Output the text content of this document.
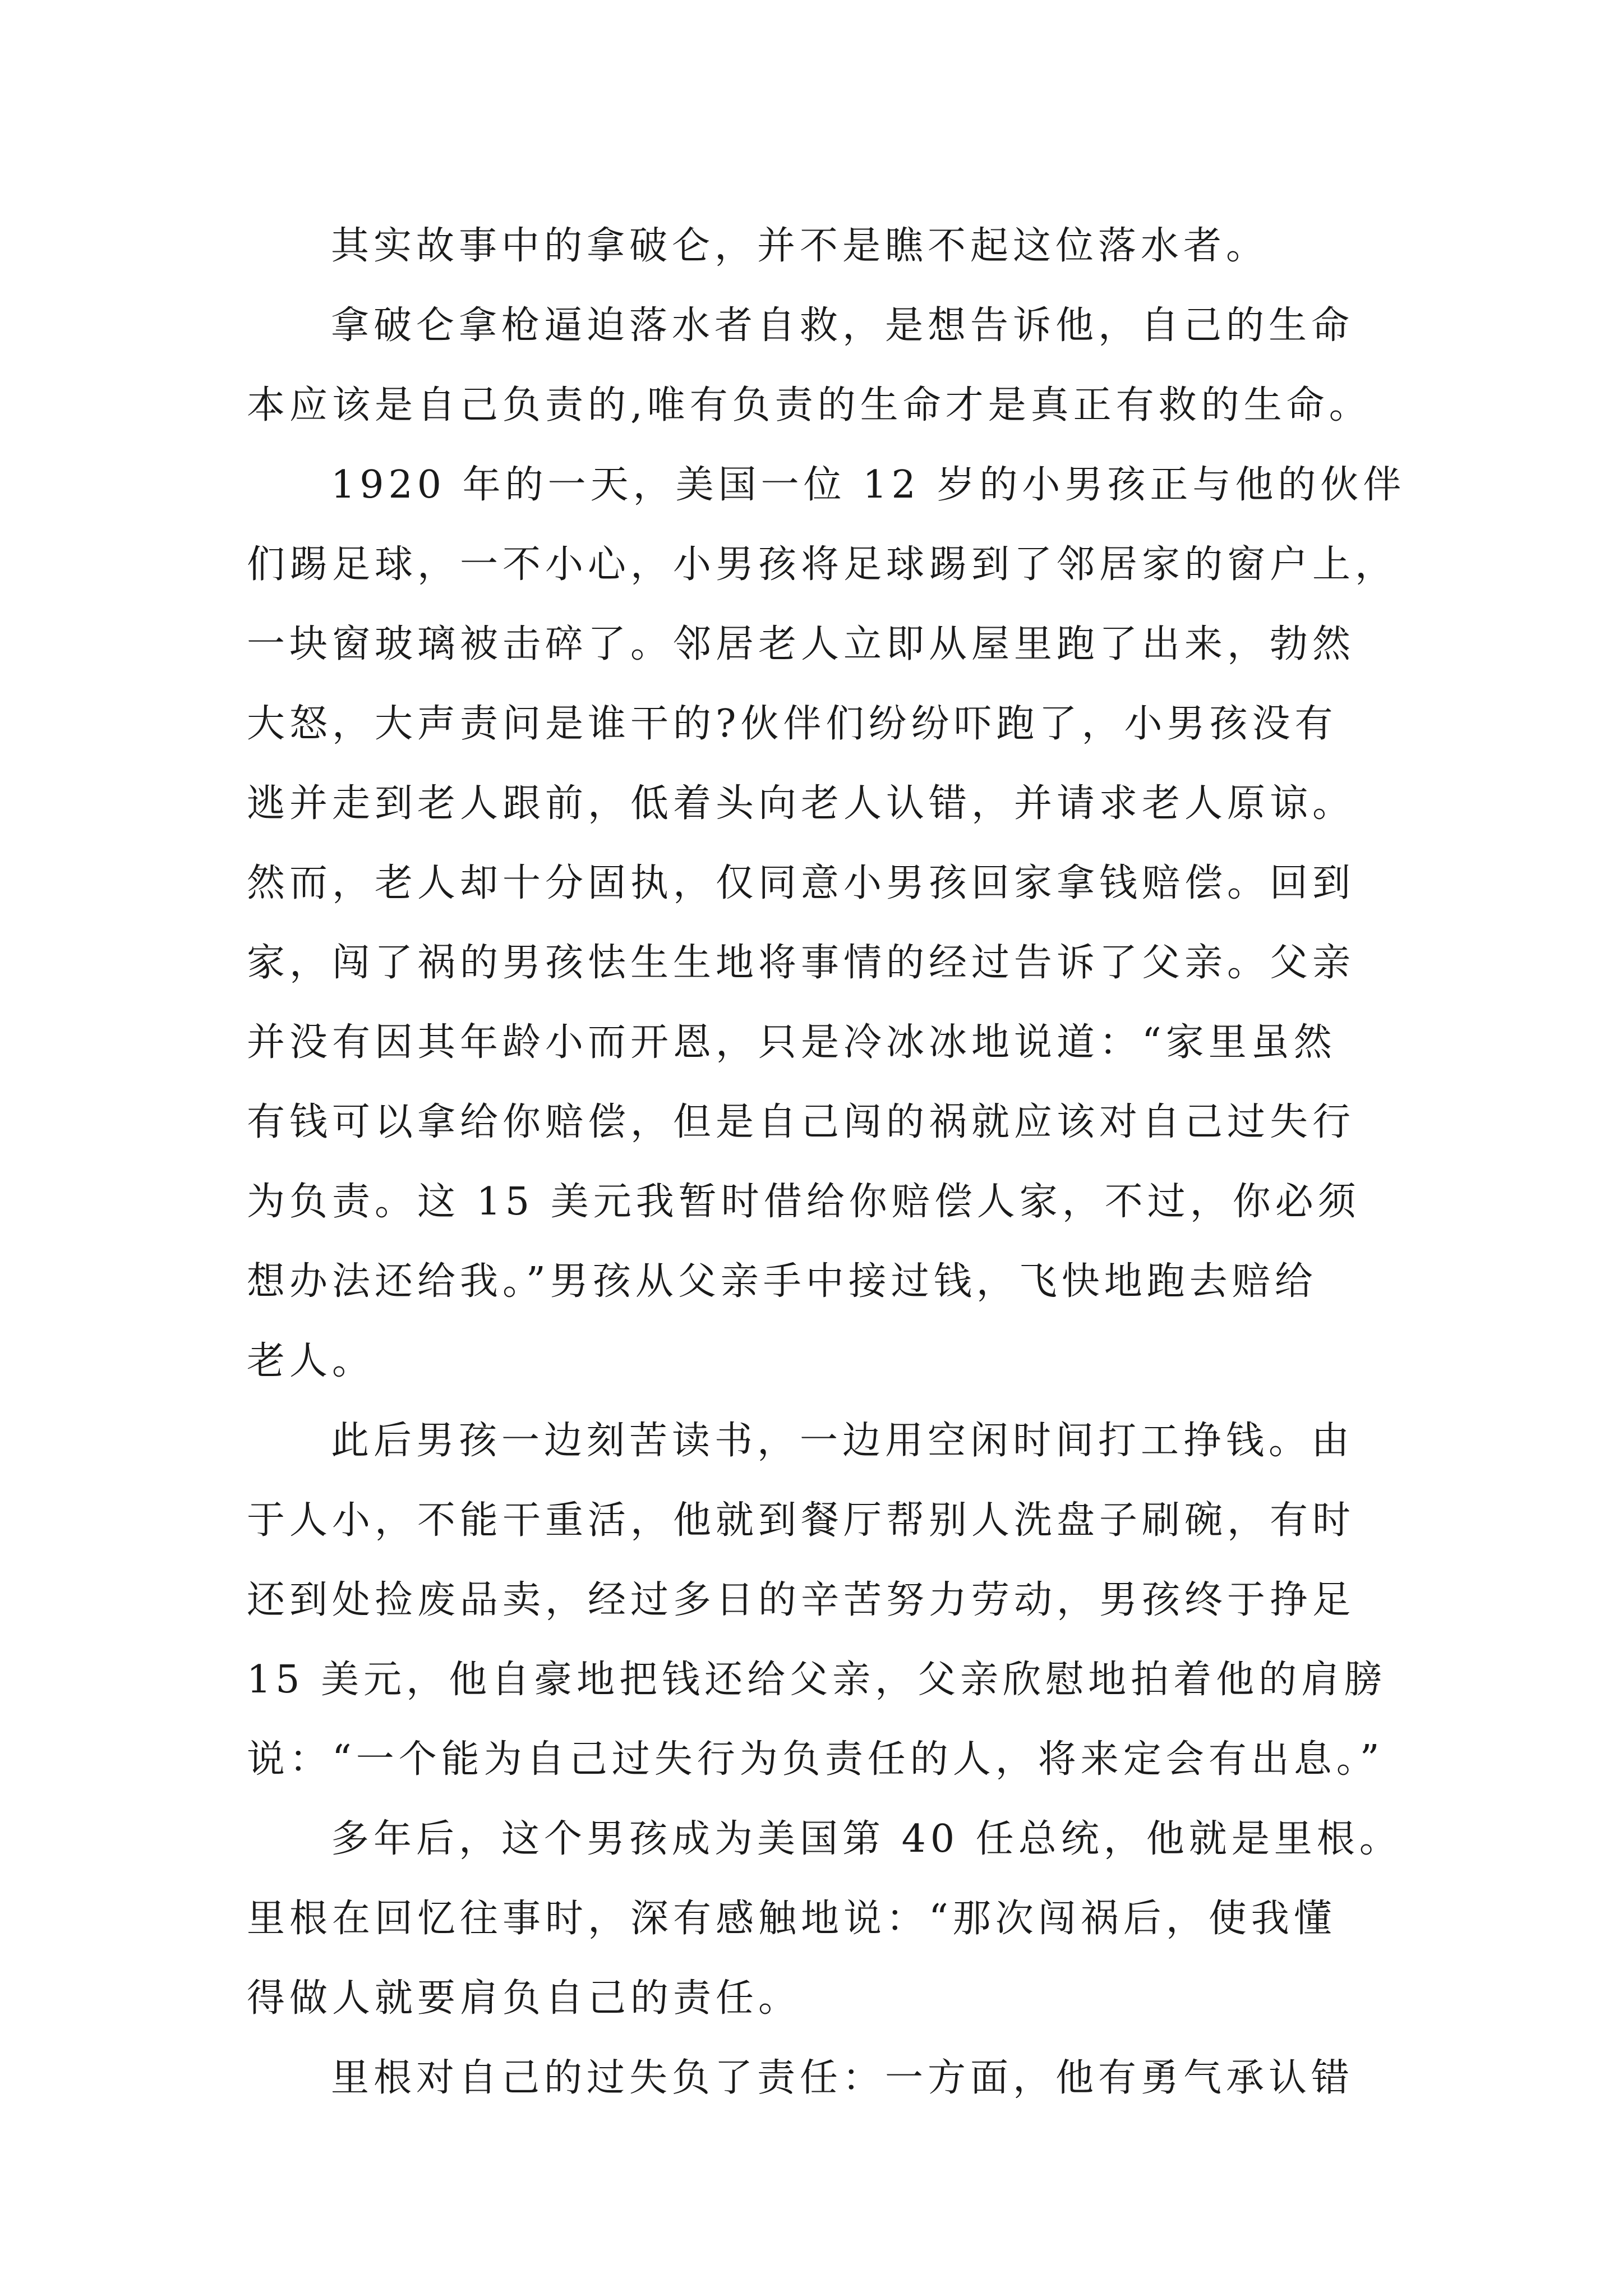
其实故事中的拿破仑，并不是瞧不起这位落水者。
拿破仑拿枪逼迫落水者自救，是想告诉他，自己的生命
本应该是自己负责的,唯有负责的生命才是真正有救的生命。
1920 年的一天，美国一位 12 岁的小男孩正与他的伙伴
们踢足球，一不小心，小男孩将足球踢到了邻居家的窗户上，
一块窗玻璃被击碎了。邻居老人立即从屋里跑了出来，勃然
大怒，大声责问是谁干的?伙伴们纷纷吓跑了，小男孩没有
逃并走到老人跟前，低着头向老人认错，并请求老人原谅。
然而，老人却十分固执，仅同意小男孩回家拿钱赔偿。回到
家，闯了祸的男孩怯生生地将事情的经过告诉了父亲。父亲
并没有因其年龄小而开恩，只是冷冰冰地说道：“家里虽然
有钱可以拿给你赔偿，但是自己闯的祸就应该对自己过失行
为负责。这 15 美元我暂时借给你赔偿人家，不过，你必须
想办法还给我。”男孩从父亲手中接过钱，飞快地跑去赔给
老人。
此后男孩一边刻苦读书，一边用空闲时间打工挣钱。由
于人小，不能干重活，他就到餐厅帮别人洗盘子刷碗，有时
还到处捡废品卖，经过多日的辛苦努力劳动，男孩终于挣足
15 美元，他自豪地把钱还给父亲，父亲欣慰地拍着他的肩膀
说：“一个能为自己过失行为负责任的人，将来定会有出息。”
多年后，这个男孩成为美国第 40 任总统，他就是里根。
里根在回忆往事时，深有感触地说：“那次闯祸后，使我懂
得做人就要肩负自己的责任。
里根对自己的过失负了责任：一方面，他有勇气承认错
